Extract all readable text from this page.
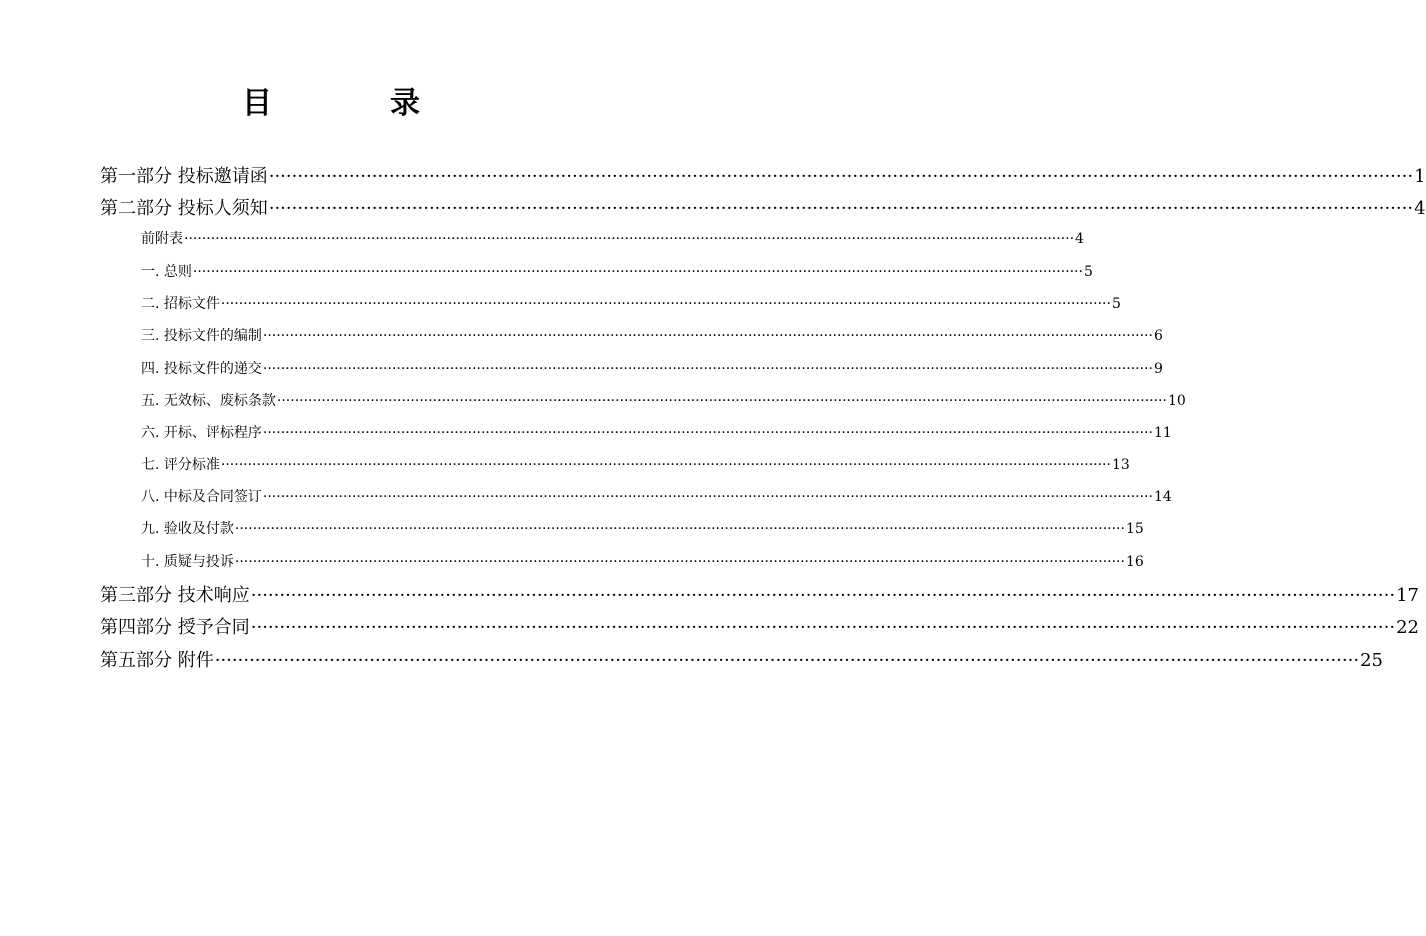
目　录
第一部分 投标邀请函 ········································································································································································································ 1
第二部分 投标人须知 ········································································································································································································ 4
前附表 ········································································································································································································ 4
一. 总则 ········································································································································································································ 5
二. 招标文件 ········································································································································································································ 5
三. 投标文件的编制 ········································································································································································································ 6
四. 投标文件的递交 ········································································································································································································ 9
五. 无效标、废标条款 ········································································································································································································ 10
六. 开标、评标程序 ········································································································································································································ 11
七. 评分标准 ········································································································································································································ 13
八. 中标及合同签订 ········································································································································································································ 14
九. 验收及付款 ········································································································································································································ 15
十. 质疑与投诉 ········································································································································································································ 16
第三部分 技术响应 ········································································································································································································ 17
第四部分 授予合同 ········································································································································································································ 22
第五部分 附件 ········································································································································································································ 25
